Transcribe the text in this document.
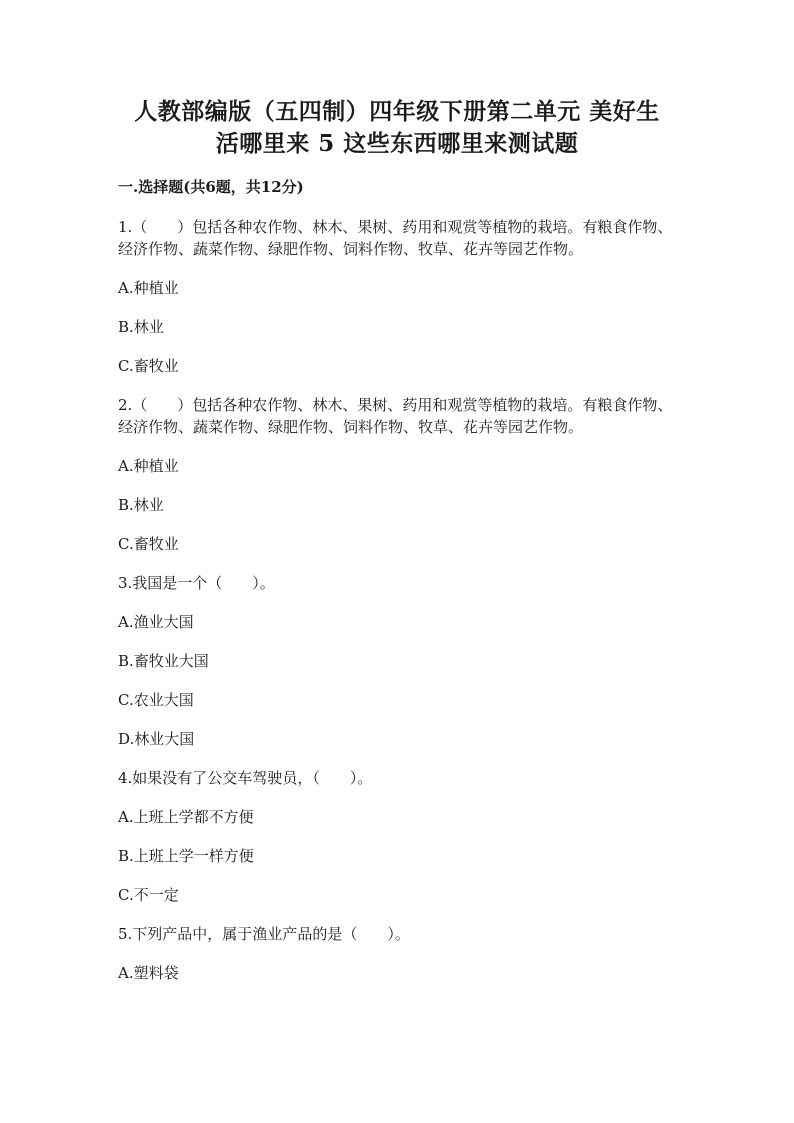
人教部编版（五四制）四年级下册第二单元 美好生
活哪里来 5 这些东西哪里来测试题
一.选择题(共6题，共12分)
1.（　　）包括各种农作物、林木、果树、药用和观赏等植物的栽培。有粮食作物、经济作物、蔬菜作物、绿肥作物、饲料作物、牧草、花卉等园艺作物。
A.种植业
B.林业
C.畜牧业
2.（　　）包括各种农作物、林木、果树、药用和观赏等植物的栽培。有粮食作物、经济作物、蔬菜作物、绿肥作物、饲料作物、牧草、花卉等园艺作物。
A.种植业
B.林业
C.畜牧业
3.我国是一个（　　）。
A.渔业大国
B.畜牧业大国
C.农业大国
D.林业大国
4.如果没有了公交车驾驶员，（　　）。
A.上班上学都不方便
B.上班上学一样方便
C.不一定
5.下列产品中，属于渔业产品的是（　　）。
A.塑料袋
